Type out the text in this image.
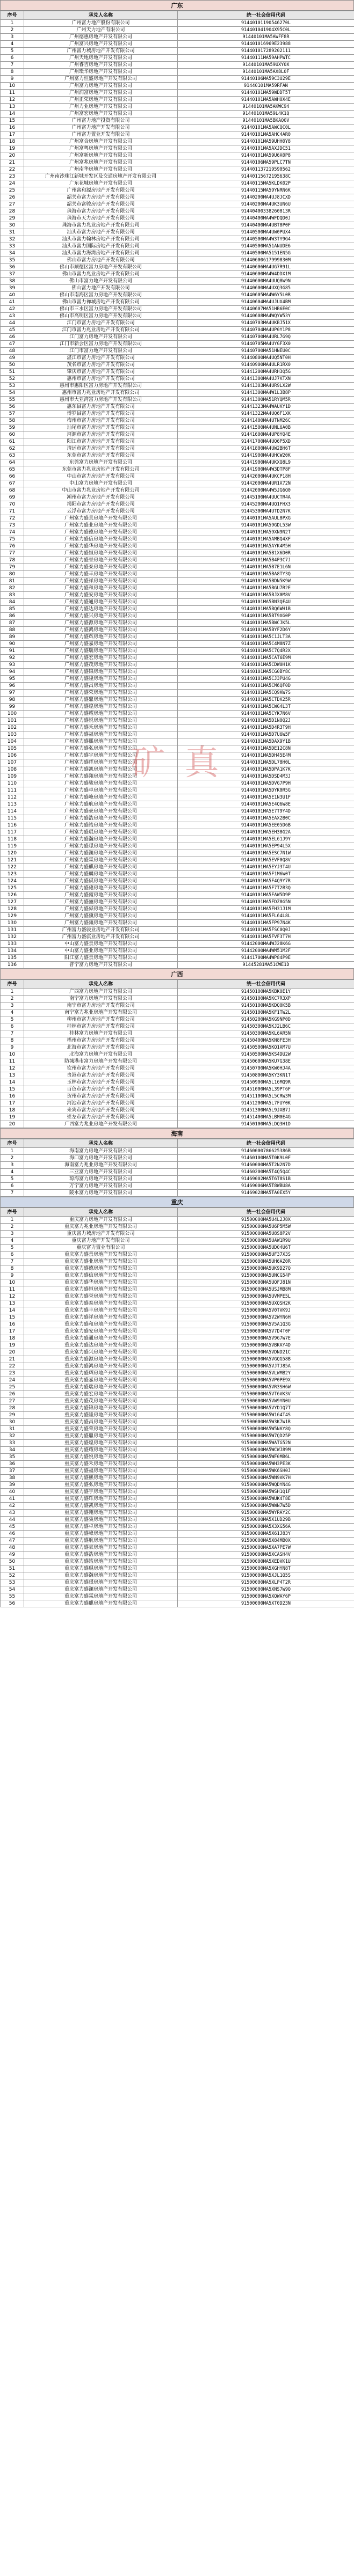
广东
序号	承兑人名称	统一社会信用代码
1	广州富力地产股份有限公司	91440101190546270L
2	广州天力地产有限公司	914401041904X95C0L
3	广州德惠房地产开发有限公司	91440101MA5AWFF8R
4	广州富兴房地产开发有限公司	914401016969E23988
5	广州富力城房地产开发有限公司	914401017289202111
6	广州天地房地产开发有限公司	91440111MA59AHPWTC
7	广州睿吉房地产开发有限公司	91440101MA59UXY0X
8	广州璟华房地产开发有限公司	91440101MA5AX8L0F
9	广州富力恒盛房地产开发有限公司	91440106MA59C3U29E
10	广州富力房地产开发有限公司	91440101MA59RFAN
11	广州润富房地产开发有限公司	91440101MA59WDDT5T
12	广州正荣房地产开发有限公司	91440101MA5AWH0X4E
13	广州力业房地产开发有限公司	91440101MA5AKWC94
14	广州富宏房地产开发有限公司	91440101MA59L4K1Q
15	广州富力地产投资有限公司	91440101MA5BKAQ0V
16	广州富力地产开发有限公司	91440101MA5AWCQC0L
17	广州富力置业开发有限公司	91440101MA5AHC4AR0
18	广州富合房地产开发有限公司	91440101MA59UHH0Y8
19	广州富粤房地产开发有限公司	91440101MA5AXJDC51
20	广州富新房地产开发有限公司	91440101MA59U6X0P8
21	广州富兆房地产开发有限公司	91440106MA59PLC7TN
22	广州南华房地产开发有限公司	914401137219590562
23	广州南沙珠江新城开发区及交通房地产开发有限公司	91440115672195638C
24	广东花城房地产开发有限公司	91440115MA5KLDK02P
25	广州富和源房地产开发有限公司	91440115MA59YNRN6K
26	韶关市富力房地产开发有限公司	91440200MA4UJ8JCXD
27	韶关市富骏房地产开发有限公司	91440200MA4UK3UN6U
28	珠海市富力房地产开发有限公司	91440400338260813R
29	珠海市天力房地产开发有限公司	91440400MA4WFDQD0J
30	珠海市富力兆业房地产开发有限公司	91440400MA4UBT8P0F
31	汕头市富力房地产开发有限公司	91440500MA4UW0PUX4
32	汕头市富力翰林房地产开发有限公司	91440500MA4W3TY9G4
33	汕头市富力国际房地产开发有限公司	91440500MA51ANUDE6
34	汕头市富力海湾房地产开发有限公司	91440500MA5151EN5G
35	佛山市富力房地产开发有限公司	91440600617999830M
36	佛山市顺德区富力房地产开发有限公司	91440606MA4UG7R91L
37	佛山市富力兆业房地产开发有限公司	91440600MA4W4DDX1M
38	佛山市富力地产开发有限公司	91440600MA4UUQ8W9N
39	佛山富力地产开发有限公司	91440600MA4UXQ3G85
40	佛山市南海区富力房地产开发有限公司	91440605MA4W6Y5L0R
41	佛山市富力禅城房地产开发有限公司	91440604MA4UJUX4BM
42	佛山市三水区富力房地产开发有限公司	91440607MA51HB6E0C
43	佛山市高明区富力房地产开发有限公司	91440608MA4WQYW53Y
44	江门市富力房地产开发有限公司	91440703MA4UKBJ51X
45	江门市富力兆业房地产开发有限公司	91440704MA4UP0Y1P8
46	江门富力房地产开发有限公司	91440700MA4URL7G9Q
47	江门市新会区富力房地产开发有限公司	91440705MA4UYGF3X0
48	江门市富力地产开发有限公司	91440700MA51HNEU0C
49	湛江市富力房地产开发有限公司	91440800MA4UQ5NT0H
50	茂名市富力房地产开发有限公司	91440900MA4ULR1RX0
51	肇庆市富力房地产开发有限公司	91441200MA4URH3Q5G
52	惠州市富力房地产开发有限公司	91441300MA4UJ7KTXN
53	惠州市惠阳区富力房地产开发有限公司	91441303MA4UR9LX2W
54	惠州市富力兆业房地产开发有限公司	91441300MA4W1L3B8P
55	惠州市大亚湾富力房地产开发有限公司	91441300MA51RYQM5R
56	惠东县富力房地产开发有限公司	91441323MA4WAUKY1D
57	博罗县富力房地产开发有限公司	91441322MA4UQ6F1XK
58	梅州市富力房地产开发有限公司	91441400MA4UTNM26C
59	汕尾市富力房地产开发有限公司	91441500MA4UNL6A0B
60	河源市富力房地产开发有限公司	91441600MA4UP8YQ4E
61	阳江市富力房地产开发有限公司	91441700MA4UQ6P5XD
62	清远市富力房地产开发有限公司	91441800MA4UW2BH6T
63	东莞市富力房地产开发有限公司	91441900MA4UHCW20K
64	东莞富力房地产开发有限公司	91441900MA4UKXQ8L9
65	东莞市富力兆业房地产开发有限公司	91441900MA4W3DTP8F
66	中山市富力房地产开发有限公司	91442000MA4UKCP18H
67	中山富力房地产开发有限公司	91442000MA4UR1X72N
68	中山市富力兆业房地产开发有限公司	91442000MA4W5JG6Q0
69	潮州市富力房地产开发有限公司	91445100MA4UUCTR4A
70	揭阳市富力房地产开发有限公司	91445200MA4UQ1FHX3
71	云浮市富力房地产开发有限公司	91445300MA4UTD2N7K
72	广州富力盛景房地产开发有限公司	91440101MA5AUL8PXG
73	广州富力盛业房地产开发有限公司	91440101MA59GDL53W
74	广州富力盛德房地产开发有限公司	91440101MA59XN9N2T
75	广州富力盛信房地产开发有限公司	91440101MA5AMBQ4XF
76	广州富力盛华房地产开发有限公司	91440101MA5AYK4M5H
77	广州富力盛恒房地产开发有限公司	91440101MA5B1X6D0R
78	广州富力盛誉房地产开发有限公司	91440101MA5B4P3C7J
79	广州富力盛泰房地产开发有限公司	91440101MA5B7E1L6N
80	广州富力盛丰房地产开发有限公司	91440101MA5BA8TY3Q
81	广州富力盛祥房地产开发有限公司	91440101MA5BDN5K9W
82	广州富力盛和房地产开发有限公司	91440101MA5BGU7R2E
83	广州富力盛安房地产开发有限公司	91440101MA5BJX0M8V
84	广州富力盛通房地产开发有限公司	91440101MA5BN3QF4U
85	广州富力盛达房地产开发有限公司	91440101MA5BQ6WH1B
86	广州富力盛兴房地产开发有限公司	91440101MA5BT9XG0P
87	广州富力盛源房地产开发有限公司	91440101MA5BWCJK5L
88	广州富力盛鸿房地产开发有限公司	91440101MA5BYF2D6Y
89	广州富力盛辉房地产开发有限公司	91440101MA5C1JLT3A
90	广州富力盛嘉房地产开发有限公司	91440101MA5C4M8N7Z
91	广州富力盛瑞房地产开发有限公司	91440101MA5C7Q4R2X
92	广州富力盛宏房地产开发有限公司	91440101MA5CAT6E9M
93	广州富力盛茂房地产开发有限公司	91440101MA5CDW0H1K
94	广州富力盛锦房地产开发有限公司	91440101MA5CG0BY8C
95	广州富力盛隆房地产开发有限公司	91440101MA5CJ3PU4G
96	广州富力盛昌房地产开发有限公司	91440101MA5CM6QF0D
97	广州富力盛荣房地产开发有限公司	91440101MA5CQ9XW7S
98	广州富力盛鼎房地产开发有限公司	91440101MA5CTDK25R
99	广州富力盛煌房地产开发有限公司	91440101MA5CWG4L3T
100	广州富力盛耀房地产开发有限公司	91440101MA5CYK7N6V
101	广州富力盛悦房地产开发有限公司	91440101MA5D1N0Q2J
102	广州富力盛禾房地产开发有限公司	91440101MA5D4R3T9H
103	广州富力盛福房地产开发有限公司	91440101MA5D7U6W5F
104	广州富力盛熙房地产开发有限公司	91440101MA5DAX9Y1B
105	广州富力盛弘房地产开发有限公司	91440101MA5DE12C8N
106	广州富力盛宇房地产开发有限公司	91440101MA5DH45E4M
107	广州富力盛晖房地产开发有限公司	91440101MA5DL78H0L
108	广州富力盛凯房地产开发有限公司	91440101MA5DPA1K7K
109	广州富力盛翔房地产开发有限公司	91440101MA5DSD4M3J
110	广州富力盛骏房地产开发有限公司	91440101MA5DVG7P9H
111	广州富力盛卓房地产开发有限公司	91440101MA5DYK0R5G
112	广州富力盛峰房地产开发有限公司	91440101MA5E1N3U1F
113	广州富力盛航房地产开发有限公司	91440101MA5E4Q6W8E
114	广州富力盛豪房地产开发有限公司	91440101MA5E7T9Y4D
115	广州富力盛浩房地产开发有限公司	91440101MA5EAX2B0C
116	广州富力盛皓房地产开发有限公司	91440101MA5EE05D6B
117	广州富力盛琨房地产开发有限公司	91440101MA5EH38G2A
118	广州富力盛瀚房地产开发有限公司	91440101MA5EL61J9Y
119	广州富力盛璟房地产开发有限公司	91440101MA5EP94L5X
120	广州富力盛澜房地产开发有限公司	91440101MA5ESC7N1W
121	广州富力盛霖房地产开发有限公司	91440101MA5EVF0Q8V
122	广州富力盛麒房地产开发有限公司	91440101MA5EYJ3T4U
123	广州富力盛麟房地产开发有限公司	91440101MA5F1M6W0T
124	广州富力盛骐房地产开发有限公司	91440101MA5F4Q9Y7R
125	广州富力盛骢房地产开发有限公司	91440101MA5F7T2B3Q
126	广州富力盛骝房地产开发有限公司	91440101MA5FAW5D9P
127	广州富力盛骊房地产开发有限公司	91440101MA5FDZ8G5N
128	广州富力盛骅房地产开发有限公司	91440101MA5FH31J1M
129	广州富力盛骥房地产开发有限公司	91440101MA5FL64L8L
130	广州富力盛骧房地产开发有限公司	91440101MA5FP97N4K
131	广州富力盛骏业房地产开发有限公司	91440101MA5FSC0Q0J
132	广州富力盛骐业房地产开发有限公司	91440101MA5FVF3T7H
133	中山富力盛景房地产开发有限公司	91442000MA4WJ28K6G
134	中山富力盛业房地产开发有限公司	91442000MA4WM51M2F
135	阳江富力盛景房地产开发有限公司	91441700MA4WP84P9E
136	普宁富力房地产开发有限公司	91445281MA51CWE1D
广西
序号	承兑人名称	统一社会信用代码
1	广西富力房地产开发有限公司	91450100MA5KBK0E1Y
2	南宁富力房地产开发有限公司	91450100MA5KC7R3XP
3	南宁市富力房地产开发有限公司	91450100MA5KDQ0K5B
4	南宁富力兆业房地产开发有限公司	91450100MA5KF1TW2L
5	柳州市富力房地产开发有限公司	91450200MA5KG9NP0D
6	桂林市富力房地产开发有限公司	91450300MA5KJ2LB6C
7	桂林富力房地产开发有限公司	91450300MA5KL6AR5N
8	梧州市富力房地产开发有限公司	91450400MA5KN8FE3H
9	北海市富力房地产开发有限公司	91450500MA5KQ1XM7U
10	北海富力房地产开发有限公司	91450500MA5KS4DU2W
11	防城港市富力房地产开发有限公司	91450600MA5KU7G38E
12	钦州市富力房地产开发有限公司	91450700MA5KW0HJ4A
13	贵港市富力房地产开发有限公司	91450800MA5KY3KN1T
14	玉林市富力房地产开发有限公司	91450900MA5L16MQ9R
15	百色市富力房地产开发有限公司	91451000MA5L39PT6F
16	贺州市富力房地产开发有限公司	91451100MA5L5CRW3M
17	河池市富力房地产开发有限公司	91451200MA5L7FUY0K
18	来宾市富力房地产开发有限公司	91451300MA5L9JXB7J
19	崇左市富力房地产开发有限公司	91451400MA5LBM0E4G
20	广西富力兆业房地产开发有限公司	91450100MA5LDQ3H1D
海南
序号	承兑人名称	统一社会信用代码
1	海南富力房地产开发有限公司	91460000786625386B
2	海口富力房地产开发有限公司	91460100MA5T0K9L0F
3	海南富力兆业房地产开发有限公司	91460000MA5T2N2N7D
4	三亚富力房地产开发有限公司	91460200MA5T4Q5Q4C
5	琼海富力房地产开发有限公司	91469002MA5T6T8S1B
6	万宁富力房地产开发有限公司	91469006MA5T8WBU8A
7	陵水富力房地产开发有限公司	91469028MA5TA0EX5Y
重庆
序号	承兑人名称	统一社会信用代码
1	重庆富力房地产开发有限公司	91500000MA5U4L2J8X
2	重庆富力兆业房地产开发有限公司	91500000MA5U6P5M5W
3	重庆富力城房地产开发有限公司	91500000MA5U8S8P2V
4	重庆富力地产开发有限公司	91500000MA5UAW1R9U
5	重庆富力置业有限公司	91500000MA5UD04U6T
6	重庆富力盛景房地产开发有限公司	91500000MA5UF37X3S
7	重庆富力盛业房地产开发有限公司	91500000MA5UH6AZ0R
8	重庆富力盛德房地产开发有限公司	91500000MA5UK9D27Q
9	重庆富力盛信房地产开发有限公司	91500000MA5UNCG54P
10	重庆富力盛华房地产开发有限公司	91500000MA5UQFJ81N
11	重庆富力盛恒房地产开发有限公司	91500000MA5USJMB8M
12	重庆富力盛誉房地产开发有限公司	91500000MA5UVMPE5L
13	重庆富力盛泰房地产开发有限公司	91500000MA5UXQSH2K
14	重庆富力盛丰房地产开发有限公司	91500000MA5V0TVK9J
15	重庆富力盛祥房地产开发有限公司	91500000MA5V2WYN6H
16	重庆富力盛和房地产开发有限公司	91500000MA5V5A1Q3G
17	重庆富力盛安房地产开发有限公司	91500000MA5V7D4T0F
18	重庆富力盛通房地产开发有限公司	91500000MA5V9G7W7E
19	重庆富力盛达房地产开发有限公司	91500000MA5VBKAY4D
20	重庆富力盛兴房地产开发有限公司	91500000MA5VDND21C
21	重庆富力盛源房地产开发有限公司	91500000MA5VGQG58B
22	重庆富力盛鸿房地产开发有限公司	91500000MA5VJTJ85A
23	重庆富力盛辉房地产开发有限公司	91500000MA5VLWMB2Y
24	重庆富力盛嘉房地产开发有限公司	91500000MA5VP0PE9X
25	重庆富力盛瑞房地产开发有限公司	91500000MA5VR3SH6W
26	重庆富力盛宏房地产开发有限公司	91500000MA5VT6VK3V
27	重庆富力盛茂房地产开发有限公司	91500000MA5VW9YN0U
28	重庆富力盛锦房地产开发有限公司	91500000MA5VYD1Q7T
29	重庆富力盛隆房地产开发有限公司	91500000MA5W1G4T4S
30	重庆富力盛昌房地产开发有限公司	91500000MA5W3K7W1R
31	重庆富力盛荣房地产开发有限公司	91500000MA5W5NAY8Q
32	重庆富力盛鼎房地产开发有限公司	91500000MA5W7QD25P
33	重庆富力盛煌房地产开发有限公司	91500000MA5WATG52N
34	重庆富力盛耀房地产开发有限公司	91500000MA5WCWJ89M
35	重庆富力盛悦房地产开发有限公司	91500000MA5WF0MB6L
36	重庆富力盛禾房地产开发有限公司	91500000MA5WH3PE3K
37	重庆富力盛福房地产开发有限公司	91500000MA5WK6SH0J
38	重庆富力盛熙房地产开发有限公司	91500000MA5WN9VK7H
39	重庆富力盛弘房地产开发有限公司	91500000MA5WQDYN4G
40	重庆富力盛宇房地产开发有限公司	91500000MA5WSH1Q1F
41	重庆富力盛晖房地产开发有限公司	91500000MA5WUK4T8E
42	重庆富力盛凯房地产开发有限公司	91500000MA5WWN7W5D
43	重庆富力盛翔房地产开发有限公司	91500000MA5WYRAY2C
44	重庆富力盛骏房地产开发有限公司	91500000MA5X1UD29B
45	重庆富力盛卓房地产开发有限公司	91500000MA5X3XG56A
46	重庆富力盛峰房地产开发有限公司	91500000MA5X61J83Y
47	重庆富力盛航房地产开发有限公司	91500000MA5X84MB0X
48	重庆富力盛豪房地产开发有限公司	91500000MA5XA7PE7W
49	重庆富力盛浩房地产开发有限公司	91500000MA5XCASH4V
50	重庆富力盛皓房地产开发有限公司	91500000MA5XEDVK1U
51	重庆富力盛琨房地产开发有限公司	91500000MA5XGHYN8T
52	重庆富力盛瀚房地产开发有限公司	91500000MA5XJL1Q5S
53	重庆富力盛璟房地产开发有限公司	91500000MA5XLP4T2R
54	重庆富力盛澜房地产开发有限公司	91500000MA5XNS7W9Q
55	重庆富力盛霖房地产开发有限公司	91500000MA5XQWAY6P
56	重庆富力盛麒房地产开发有限公司	91500000MA5XT0D23N
矿 真
